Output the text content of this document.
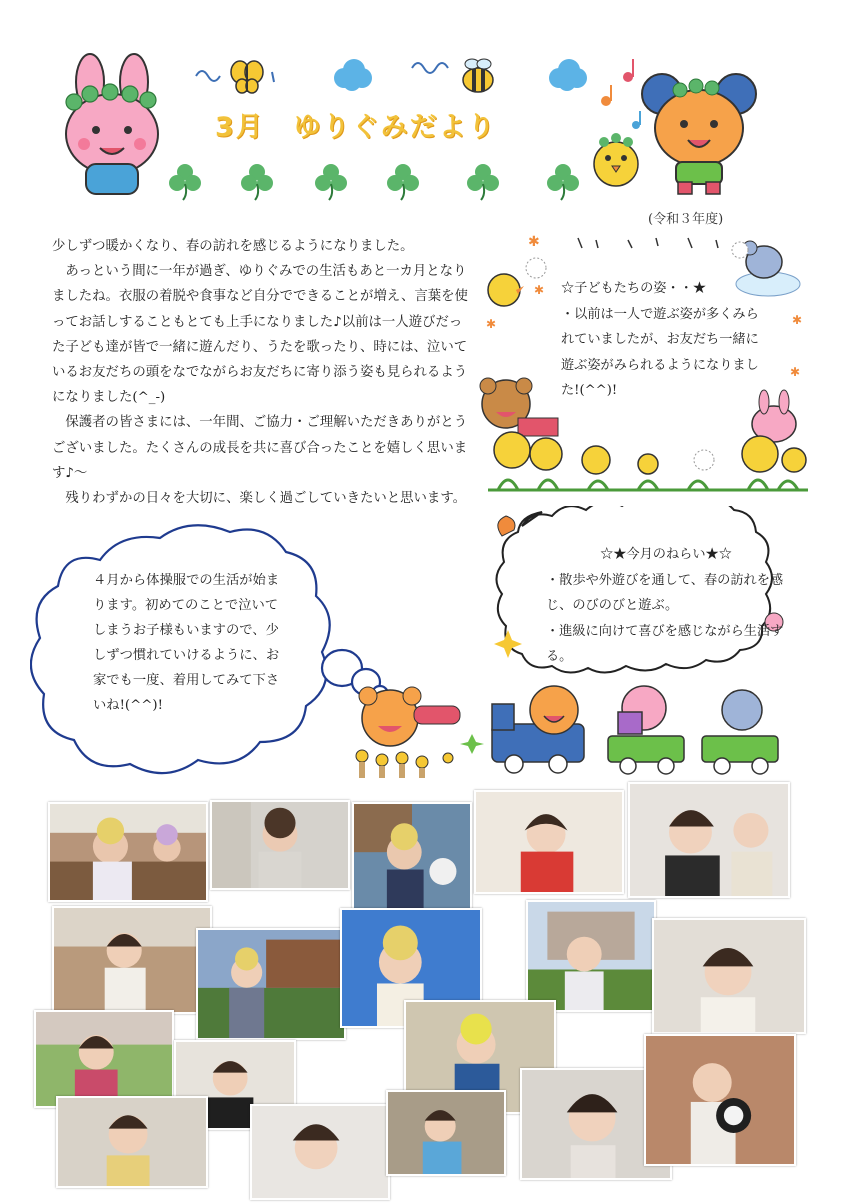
3月　ゆりぐみだより
(令和３年度)

少しずつ暖かくなり、春の訪れを感じるようになりました。

　あっという間に一年が過ぎ、ゆりぐみでの生活もあと一カ月となりましたね。衣服の着脱や食事など自分でできることが増え、言葉を使ってお話しすることもとても上手になりました♪以前は一人遊びだった子ども達が皆で一緒に遊んだり、うたを歌ったり、時には、泣いているお友だちの頭をなでながらお友だちに寄り添う姿も見られるようになりました(^_-)

　保護者の皆さまには、一年間、ご協力・ご理解いただきありがとうございました。たくさんの成長を共に喜び合ったことを嬉しく思います♪～

　残りわずかの日々を大切に、楽しく過ごしていきたいと思います。

✱
✱
✱
✱
✱
☆子どもたちの姿・・★
・以前は一人で遊ぶ姿が多くみられていましたが、お友だち一緒に遊ぶ姿がみられるようになりました!(^^)!
☆★今月のねらい★☆
・散歩や外遊びを通して、春の訪れを感じ、のびのびと遊ぶ。
・進級に向けて喜びを感じながら生活する。
４月から体操服での生活が始まります。初めてのことで泣いてしまうお子様もいますので、少しずつ慣れていけるように、お家でも一度、着用してみて下さいね!(^^)!
